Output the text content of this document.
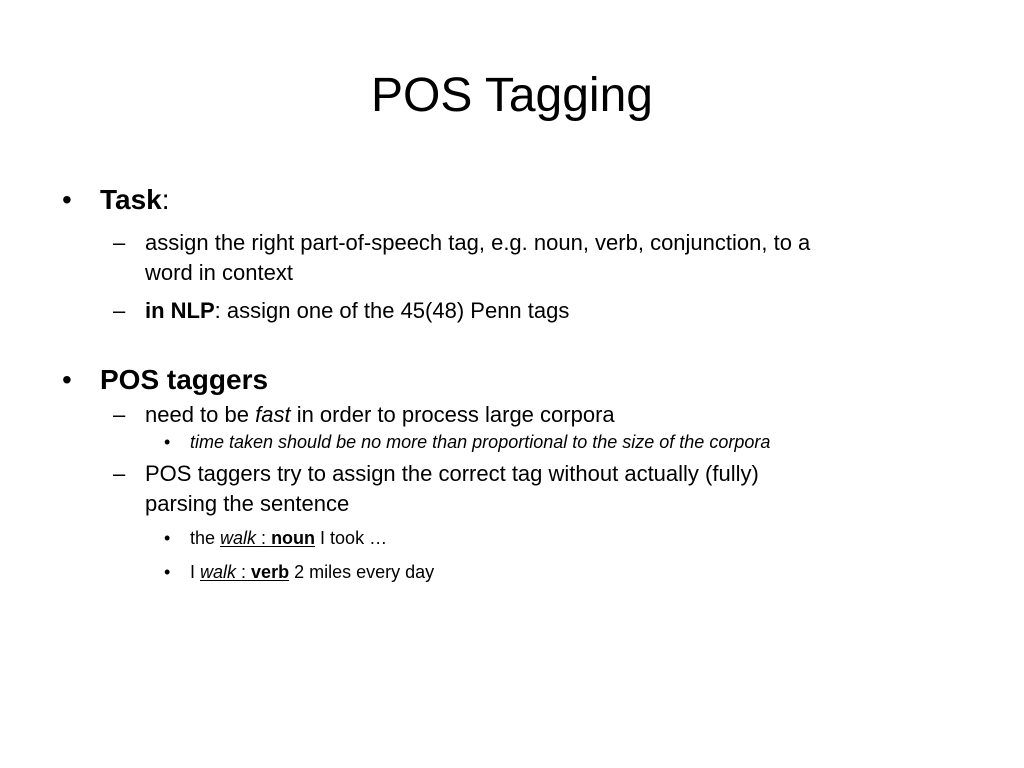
POS Tagging
• Task:
– assign the right part-of-speech tag, e.g. noun, verb, conjunction, to a
word in context
– in NLP: assign one of the 45(48) Penn tags
• POS taggers
– need to be fast in order to process large corpora
• time taken should be no more than proportional to the size of the corpora
– POS taggers try to assign the correct tag without actually (fully)
parsing the sentence
• the walk : noun I took …
• I walk : verb 2 miles every day
